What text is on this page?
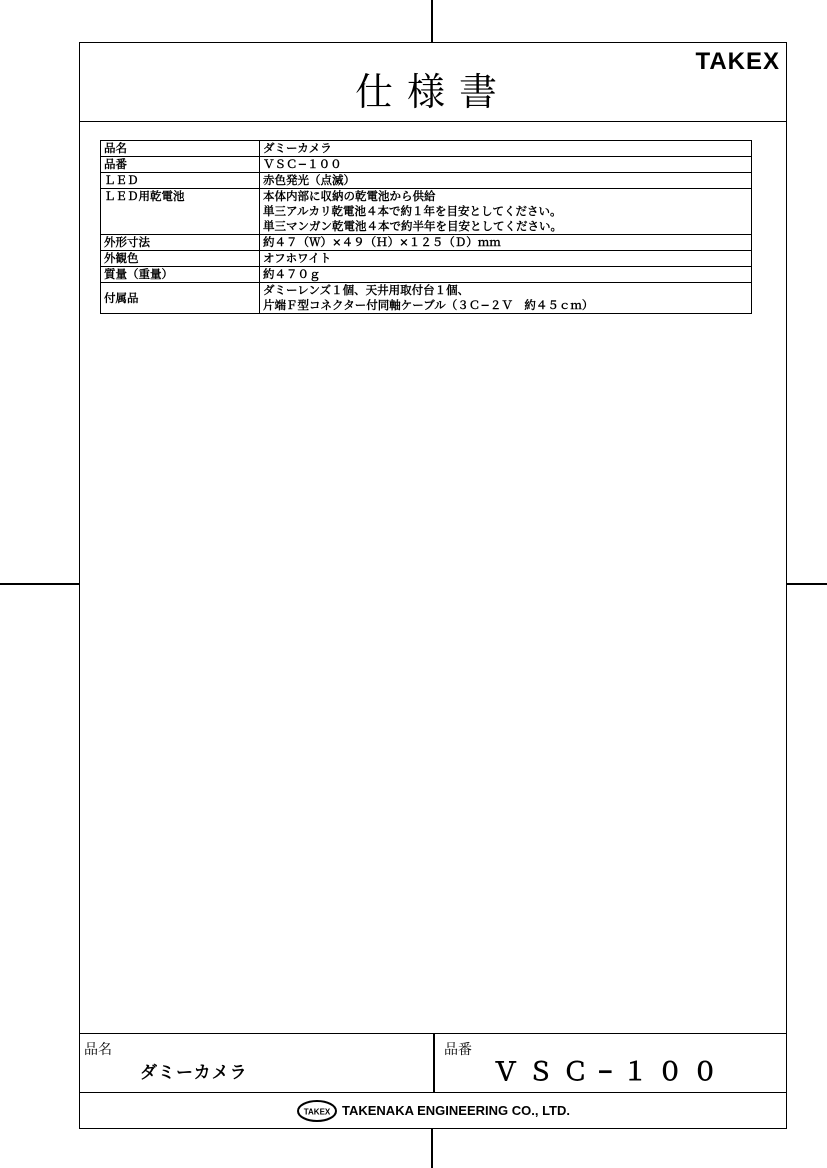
仕様書
TAKEX
品名	ダミーカメラ

品番	ＶＳＣ−１００

ＬＥＤ	赤色発光（点滅）

ＬＥＤ用乾電池	本体内部に収納の乾電池から供給
単三アルカリ乾電池４本で約１年を目安としてください。
単三マンガン乾電池４本で約半年を目安としてください。

外形寸法	約４７（Ｗ）×４９（Ｈ）×１２５（Ｄ）ｍｍ

外観色	オフホワイト

質量（重量）	約４７０ｇ

付属品	ダミーレンズ１個、天井用取付台１個、
片端Ｆ型コネクター付同軸ケーブル（３Ｃ−２Ｖ　約４５ｃｍ）
品名
ダミーカメラ
品番
ＶＳＣ−１００
TAKEX TAKENAKA ENGINEERING CO., LTD.
